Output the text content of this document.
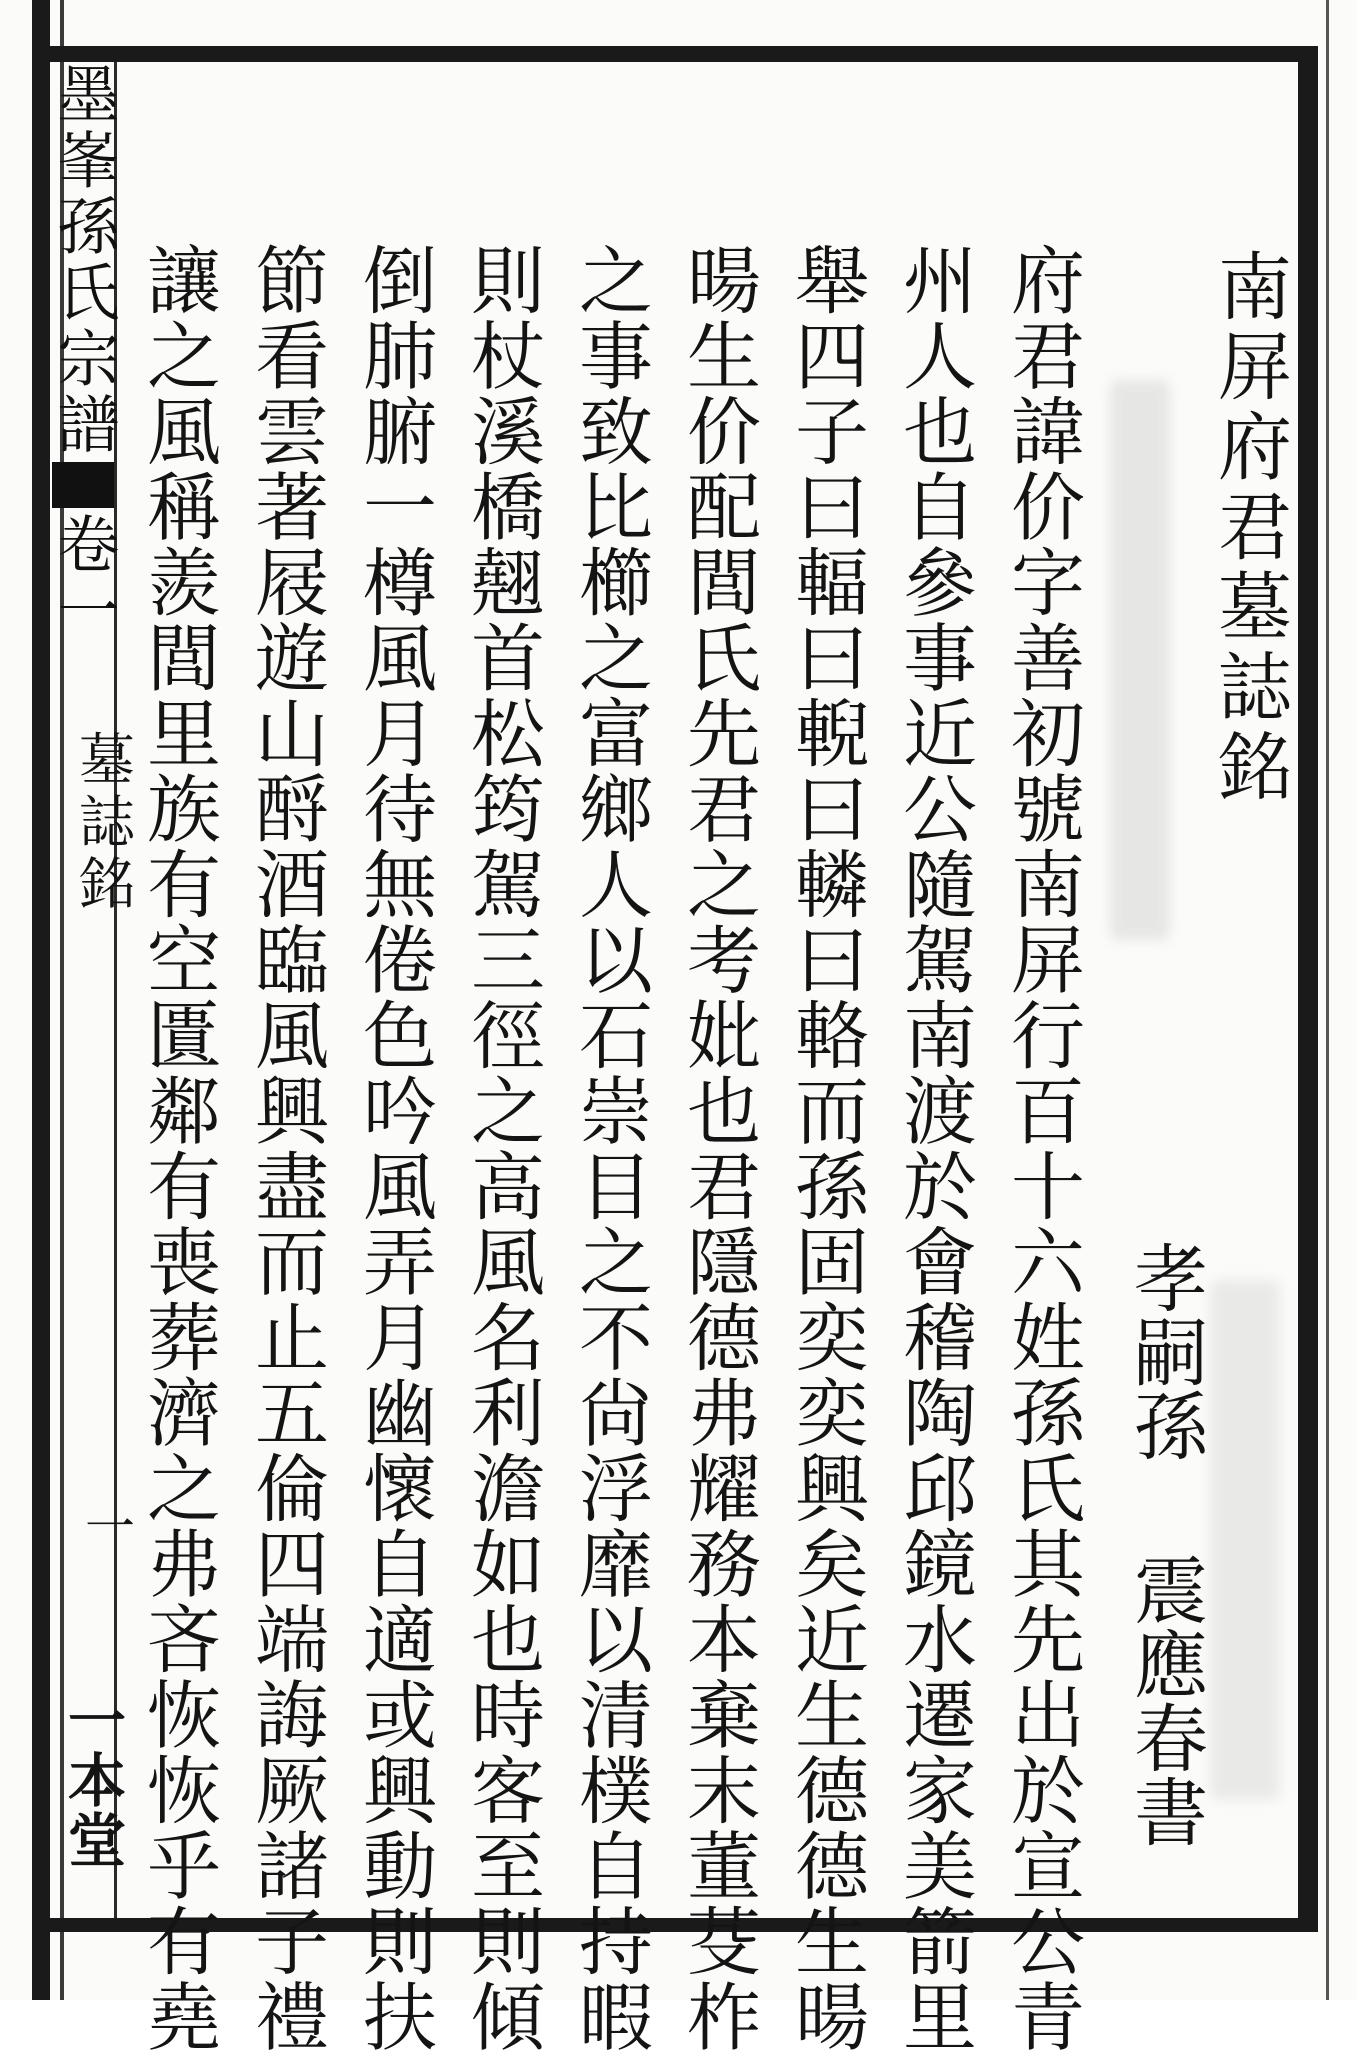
墨峯孫氏宗譜卷一
墓誌銘
一
一本堂
南屏府君墓誌銘
孝嗣孫震應春書
府君諱价字善初號南屏行百十六姓孫氏其先出於宣公青
州人也自參事近公隨駕南渡於會稽陶邱鏡水遷家美箭里
舉四子曰輻曰輗曰轔曰輅而孫固奕奕興矣近生德德生暘
暘生价配閭氏先君之考妣也君隱德弗耀務本棄末董芟柞
之事致比櫛之富鄉人以石崇目之不尙浮靡以清樸自持暇
則杖溪橋翹首松筠駕三徑之高風名利澹如也時客至則傾
倒肺腑一樽風月待無倦色吟風弄月幽懷自適或興動則扶
節看雲著屐遊山酹酒臨風興盡而止五倫四端誨厥諸子禮
讓之風稱羨閭里族有空匱鄰有喪葬濟之弗吝恢恢乎有堯
